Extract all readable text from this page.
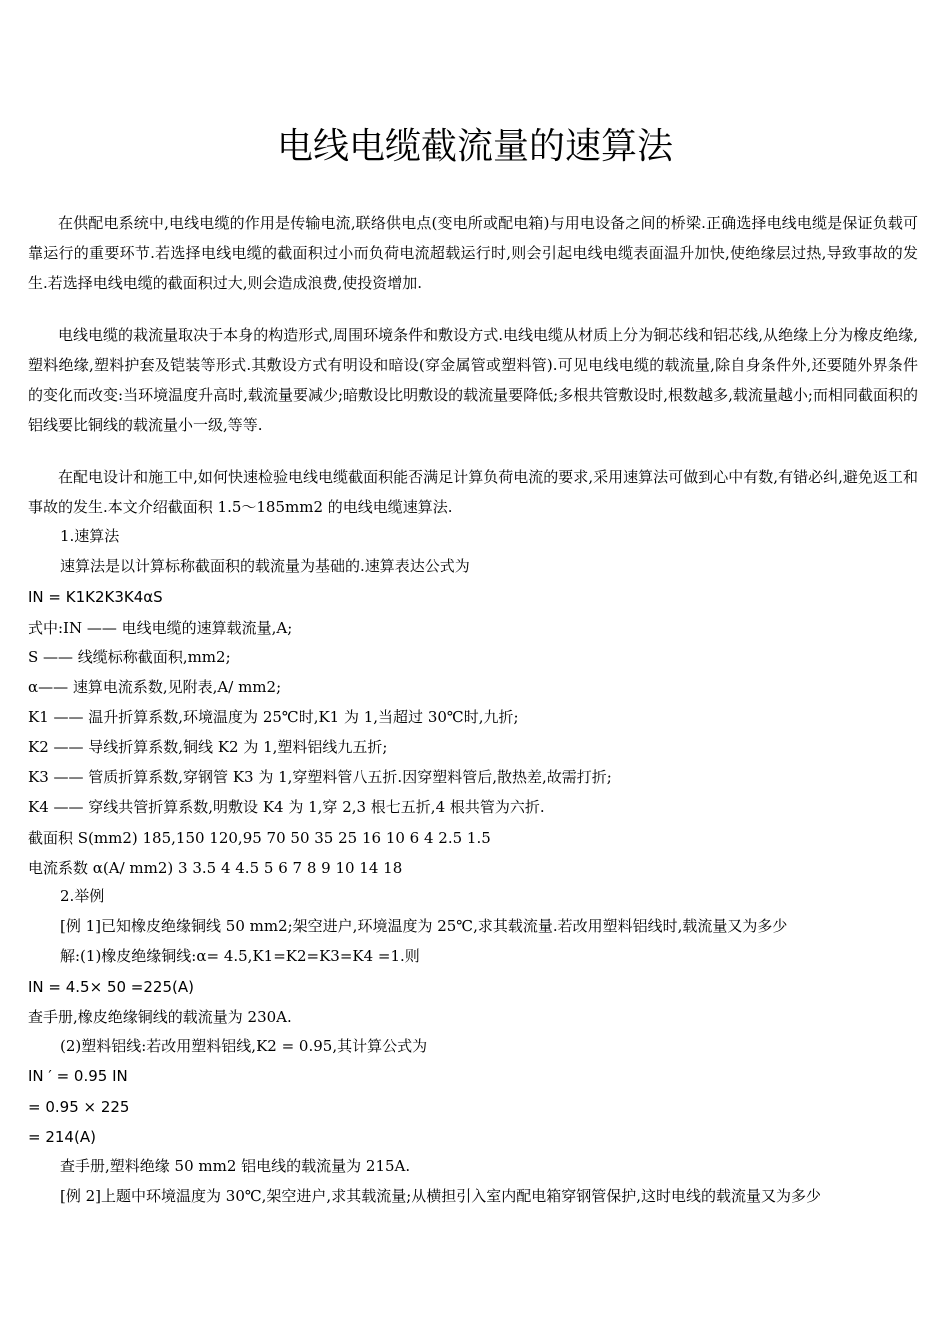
电线电缆截流量的速算法

在供配电系统中,电线电缆的作用是传输电流,联络供电点(变电所或配电箱)与用电设备之间的桥梁.正确选择电线电缆是保证负载可靠运行的重要环节.若选择电线电缆的截面积过小而负荷电流超载运行时,则会引起电线电缆表面温升加快,使绝缘层过热,导致事故的发生.若选择电线电缆的截面积过大,则会造成浪费,使投资增加.

电线电缆的栽流量取决于本身的构造形式,周围环境条件和敷设方式.电线电缆从材质上分为铜芯线和铝芯线,从绝缘上分为橡皮绝缘,塑料绝缘,塑料护套及铠装等形式.其敷设方式有明设和暗设(穿金属管或塑料管).可见电线电缆的载流量,除自身条件外,还要随外界条件的变化而改变:当环境温度升高时,载流量要减少;暗敷设比明敷设的载流量要降低;多根共管敷设时,根数越多,载流量越小;而相同截面积的铝线要比铜线的载流量小一级,等等.

在配电设计和施工中,如何快速检验电线电缆截面积能否满足计算负荷电流的要求,采用速算法可做到心中有数,有错必纠,避免返工和事故的发生.本文介绍截面积 1.5～185mm2 的电线电缆速算法.

1.速算法

速算法是以计算标称截面积的载流量为基础的.速算表达公式为

IN = K1K2K3K4αS

式中:IN —— 电线电缆的速算载流量,A;

S —— 线缆标称截面积,mm2;

α—— 速算电流系数,见附表,A/ mm2;

K1 —— 温升折算系数,环境温度为 25℃时,K1 为 1,当超过 30℃时,九折;

K2 —— 导线折算系数,铜线 K2 为 1,塑料铝线九五折;

K3 —— 管质折算系数,穿钢管 K3 为 1,穿塑料管八五折.因穿塑料管后,散热差,故需打折;

K4 —— 穿线共管折算系数,明敷设 K4 为 1,穿 2,3 根七五折,4 根共管为六折.

截面积 S(mm2) 185,150 120,95 70 50 35 25 16 10 6 4 2.5 1.5

电流系数 α(A/ mm2) 3 3.5 4 4.5 5 6 7 8 9 10 14 18

2.举例

[例 1]已知橡皮绝缘铜线 50 mm2;架空进户,环境温度为 25℃,求其载流量.若改用塑料铝线时,载流量又为多少

解:(1)橡皮绝缘铜线:α= 4.5,K1=K2=K3=K4 =1.则

IN = 4.5× 50 =225(A)

查手册,橡皮绝缘铜线的载流量为 230A.

(2)塑料铝线:若改用塑料铝线,K2 = 0.95,其计算公式为

IN ′ = 0.95 IN

= 0.95 × 225

= 214(A)

查手册,塑料绝缘 50 mm2 铝电线的载流量为 215A.

[例 2]上题中环境温度为 30℃,架空进户,求其载流量;从横担引入室内配电箱穿钢管保护,这时电线的载流量又为多少
